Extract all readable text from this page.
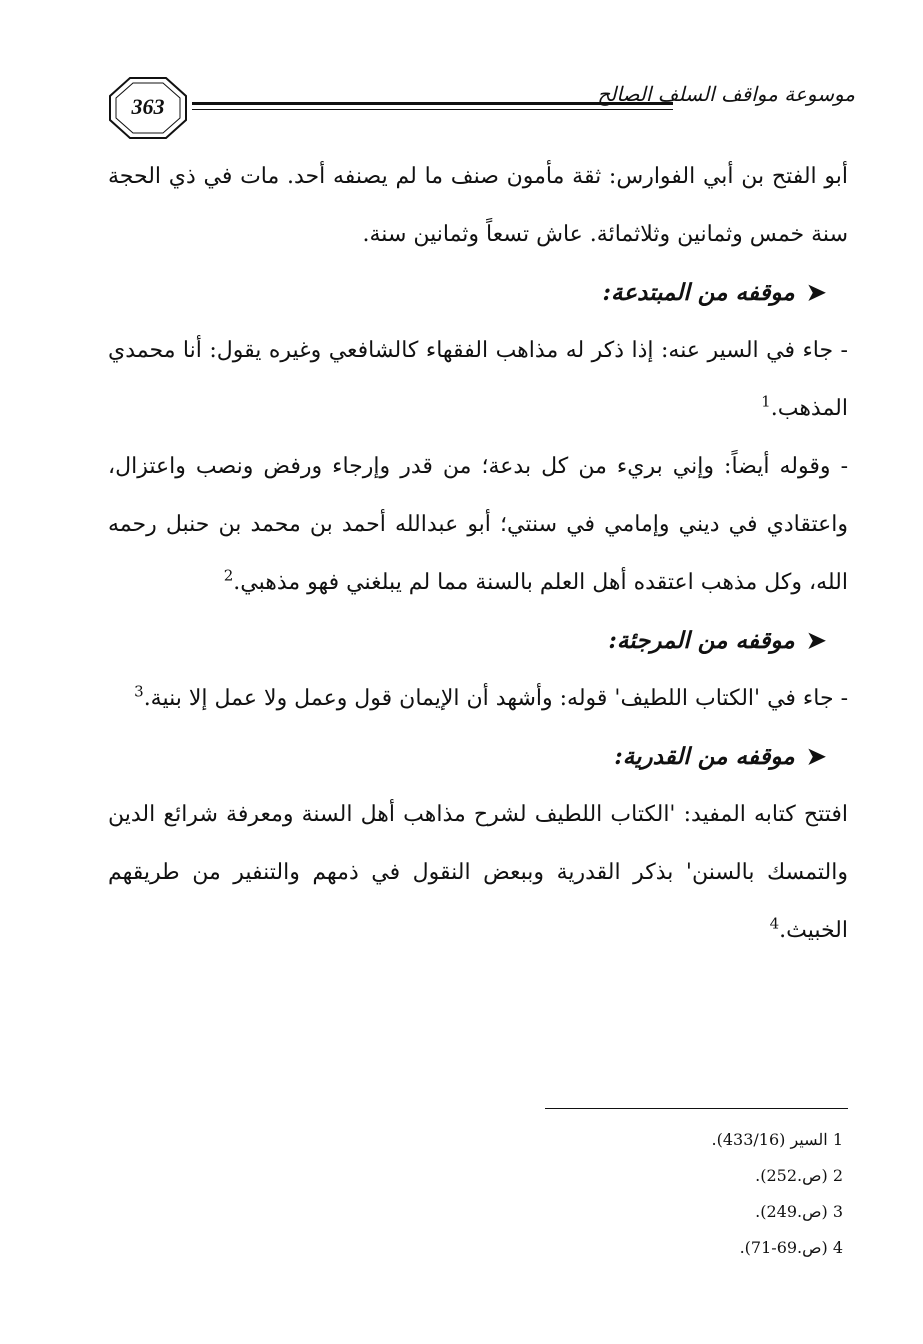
363	موسوعة مواقف السلف الصالح

أبو الفتح بن أبي الفوارس: ثقة مأمون صنف ما لم يصنفه أحد. مات في ذي الحجة سنة خمس وثمانين وثلاثمائة. عاش تسعاً وثمانين سنة.

➤موقفه من المبتدعة:

- جاء في السير عنه: إذا ذكر له مذاهب الفقهاء كالشافعي وغيره يقول: أنا محمدي المذهب.$^1$

- وقوله أيضاً: وإني بريء من كل بدعة؛ من قدر وإرجاء ورفض ونصب واعتزال، واعتقادي في ديني وإمامي في سنتي؛ أبو عبدالله أحمد بن محمد بن حنبل رحمه الله، وكل مذهب اعتقده أهل العلم بالسنة مما لم يبلغني فهو مذهبي.$^2$

➤موقفه من المرجئة:

- جاء في 'الكتاب اللطيف' قوله: وأشهد أن الإيمان قول وعمل ولا عمل إلا بنية.$^3$

➤موقفه من القدرية:

افتتح كتابه المفيد: 'الكتاب اللطيف لشرح مذاهب أهل السنة ومعرفة شرائع الدين والتمسك بالسنن' بذكر القدرية وببعض النقول في ذمهم والتنفير من طريقهم الخبيث.$^4$

1 السير (433/16).
2 (ص.252).
3 (ص.249).
4 (ص.69-71).
